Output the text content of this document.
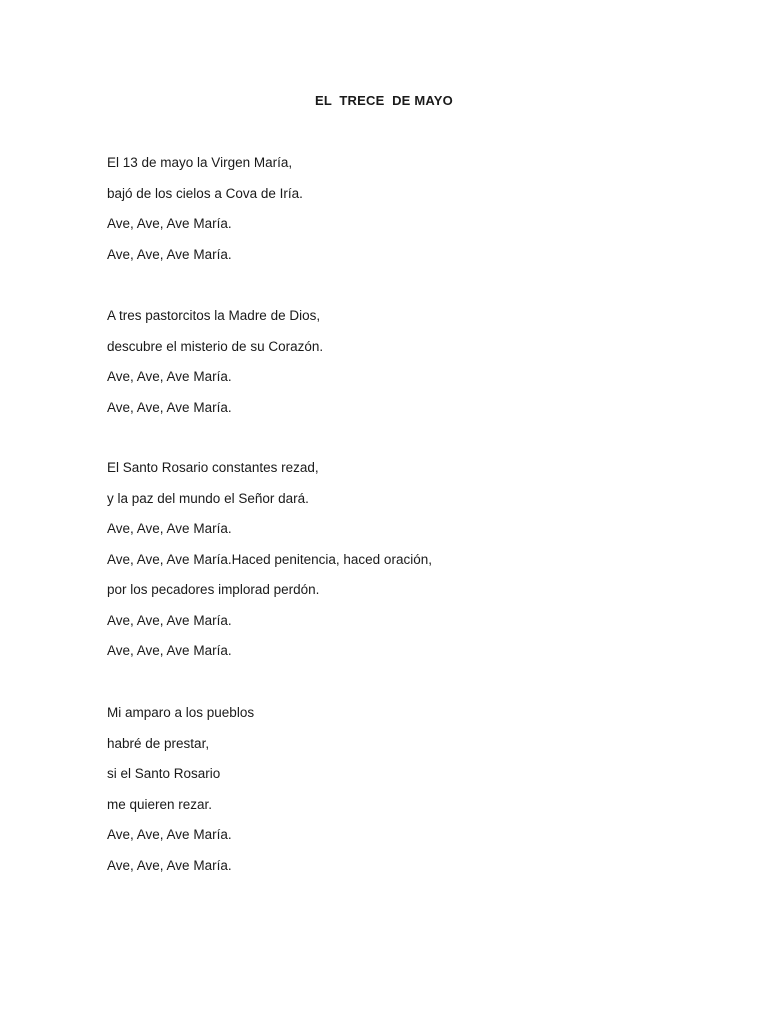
EL  TRECE  DE MAYO
El 13 de mayo la Virgen María,
bajó de los cielos a Cova de Iría.
Ave, Ave, Ave María.
Ave, Ave, Ave María.
A tres pastorcitos la Madre de Dios,
descubre el misterio de su Corazón.
Ave, Ave, Ave María.
Ave, Ave, Ave María.
El Santo Rosario constantes rezad,
y la paz del mundo el Señor dará.
Ave, Ave, Ave María.
Ave, Ave, Ave María.Haced penitencia, haced oración,
por los pecadores implorad perdón.
Ave, Ave, Ave María.
Ave, Ave, Ave María.
Mi amparo a los pueblos
habré de prestar,
si el Santo Rosario
me quieren rezar.
Ave, Ave, Ave María.
Ave, Ave, Ave María.
